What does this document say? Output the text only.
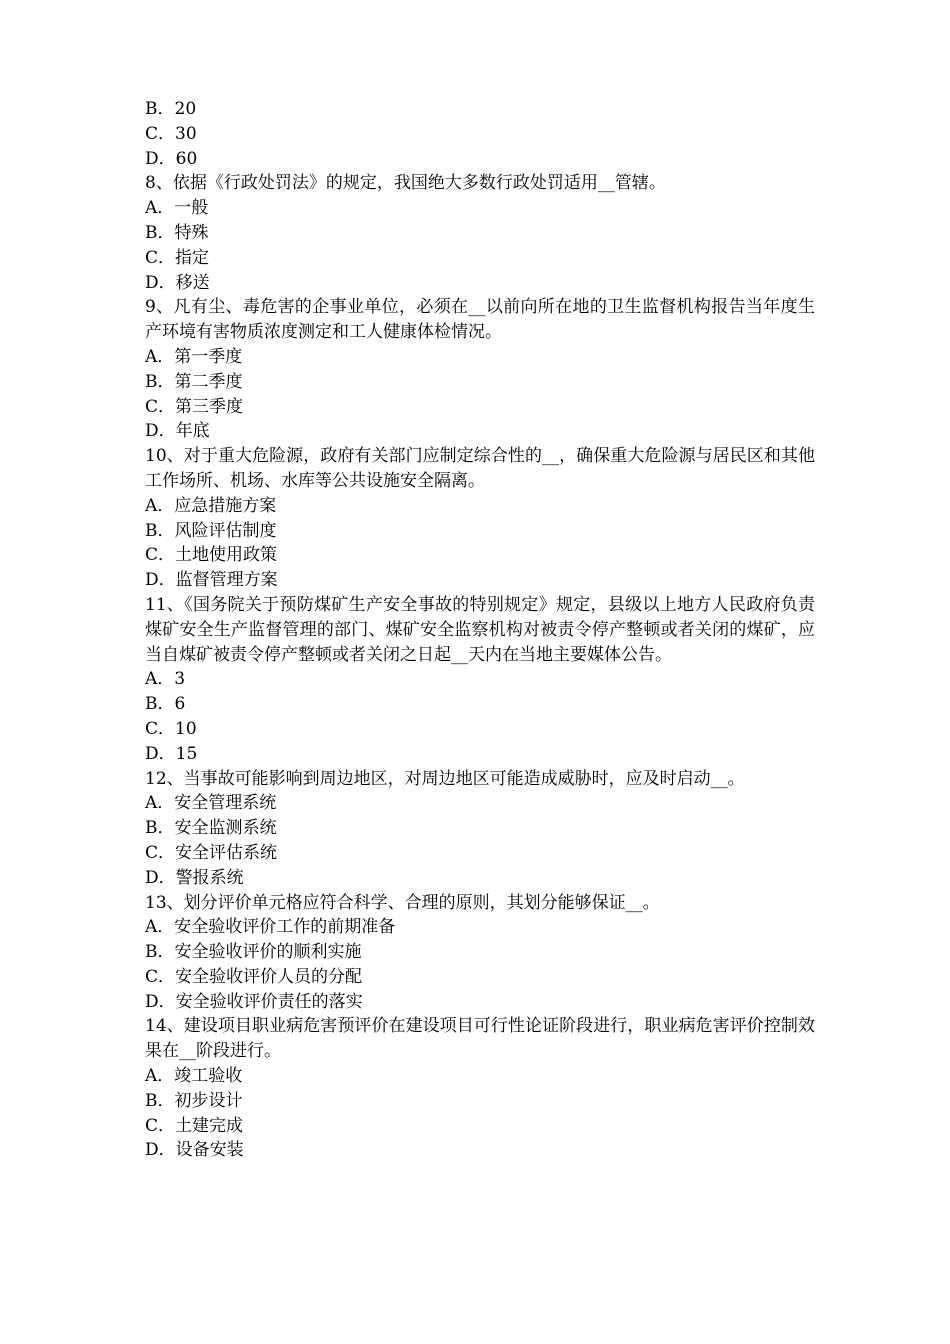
B．20

C．30

D．60

8、依据《行政处罚法》的规定，我国绝大多数行政处罚适用__管辖。

A．一般

B．特殊

C．指定

D．移送

9、凡有尘、毒危害的企事业单位，必须在__以前向所在地的卫生监督机构报告当年度生产环境有害物质浓度测定和工人健康体检情况。

A．第一季度

B．第二季度

C．第三季度

D．年底

10、对于重大危险源，政府有关部门应制定综合性的__，确保重大危险源与居民区和其他工作场所、机场、水库等公共设施安全隔离。

A．应急措施方案

B．风险评估制度

C．土地使用政策

D．监督管理方案

11、《国务院关于预防煤矿生产安全事故的特别规定》规定，县级以上地方人民政府负责煤矿安全生产监督管理的部门、煤矿安全监察机构对被责令停产整顿或者关闭的煤矿，应当自煤矿被责令停产整顿或者关闭之日起__天内在当地主要媒体公告。

A．3

B．6

C．10

D．15

12、当事故可能影响到周边地区，对周边地区可能造成威胁时，应及时启动__。

A．安全管理系统

B．安全监测系统

C．安全评估系统

D．警报系统

13、划分评价单元格应符合科学、合理的原则，其划分能够保证__。

A．安全验收评价工作的前期准备

B．安全验收评价的顺利实施

C．安全验收评价人员的分配

D．安全验收评价责任的落实

14、建设项目职业病危害预评价在建设项目可行性论证阶段进行，职业病危害评价控制效果在__阶段进行。

A．竣工验收

B．初步设计

C．土建完成

D．设备安装
